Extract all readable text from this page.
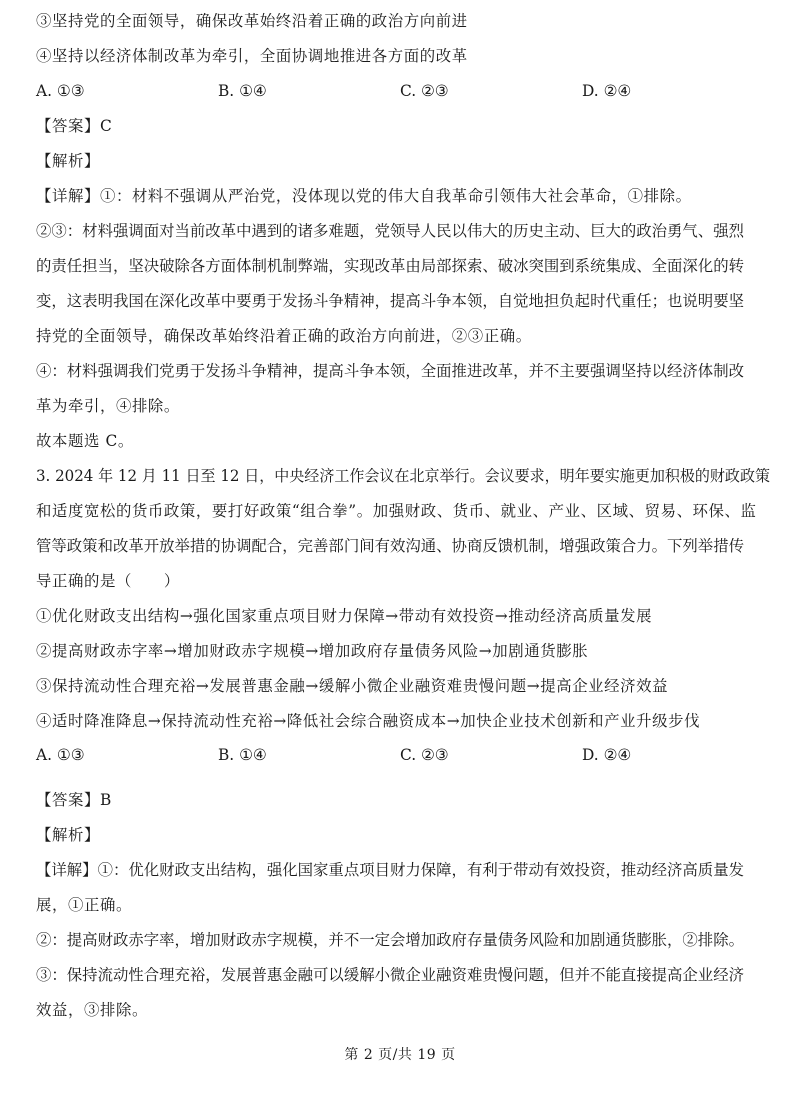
③坚持党的全面领导，确保改革始终沿着正确的政治方向前进
④坚持以经济体制改革为牵引，全面协调地推进各方面的改革
A. ①③	B. ①④	C. ②③	D. ②④
【答案】C
【解析】
【详解】①：材料不强调从严治党，没体现以党的伟大自我革命引领伟大社会革命，①排除。
②③：材料强调面对当前改革中遇到的诸多难题，党领导人民以伟大的历史主动、巨大的政治勇气、强烈
的责任担当，坚决破除各方面体制机制弊端，实现改革由局部探索、破冰突围到系统集成、全面深化的转
变，这表明我国在深化改革中要勇于发扬斗争精神，提高斗争本领，自觉地担负起时代重任；也说明要坚
持党的全面领导，确保改革始终沿着正确的政治方向前进，②③正确。
④：材料强调我们党勇于发扬斗争精神，提高斗争本领，全面推进改革，并不主要强调坚持以经济体制改
革为牵引，④排除。
故本题选 C。
3. 2024 年 12 月 11 日至 12 日，中央经济工作会议在北京举行。会议要求，明年要实施更加积极的财政政策
和适度宽松的货币政策，要打好政策“组合拳”。加强财政、货币、就业、产业、区域、贸易、环保、监
管等政策和改革开放举措的协调配合，完善部门间有效沟通、协商反馈机制，增强政策合力。下列举措传
导正确的是（　　）
①优化财政支出结构→强化国家重点项目财力保障→带动有效投资→推动经济高质量发展
②提高财政赤字率→增加财政赤字规模→增加政府存量债务风险→加剧通货膨胀
③保持流动性合理充裕→发展普惠金融→缓解小微企业融资难贵慢问题→提高企业经济效益
④适时降准降息→保持流动性充裕→降低社会综合融资成本→加快企业技术创新和产业升级步伐
A. ①③	B. ①④	C. ②③	D. ②④
【答案】B
【解析】
【详解】①：优化财政支出结构，强化国家重点项目财力保障，有利于带动有效投资，推动经济高质量发
展，①正确。
②：提高财政赤字率，增加财政赤字规模，并不一定会增加政府存量债务风险和加剧通货膨胀，②排除。
③：保持流动性合理充裕，发展普惠金融可以缓解小微企业融资难贵慢问题，但并不能直接提高企业经济
效益，③排除。
第 2 页/共 19 页
